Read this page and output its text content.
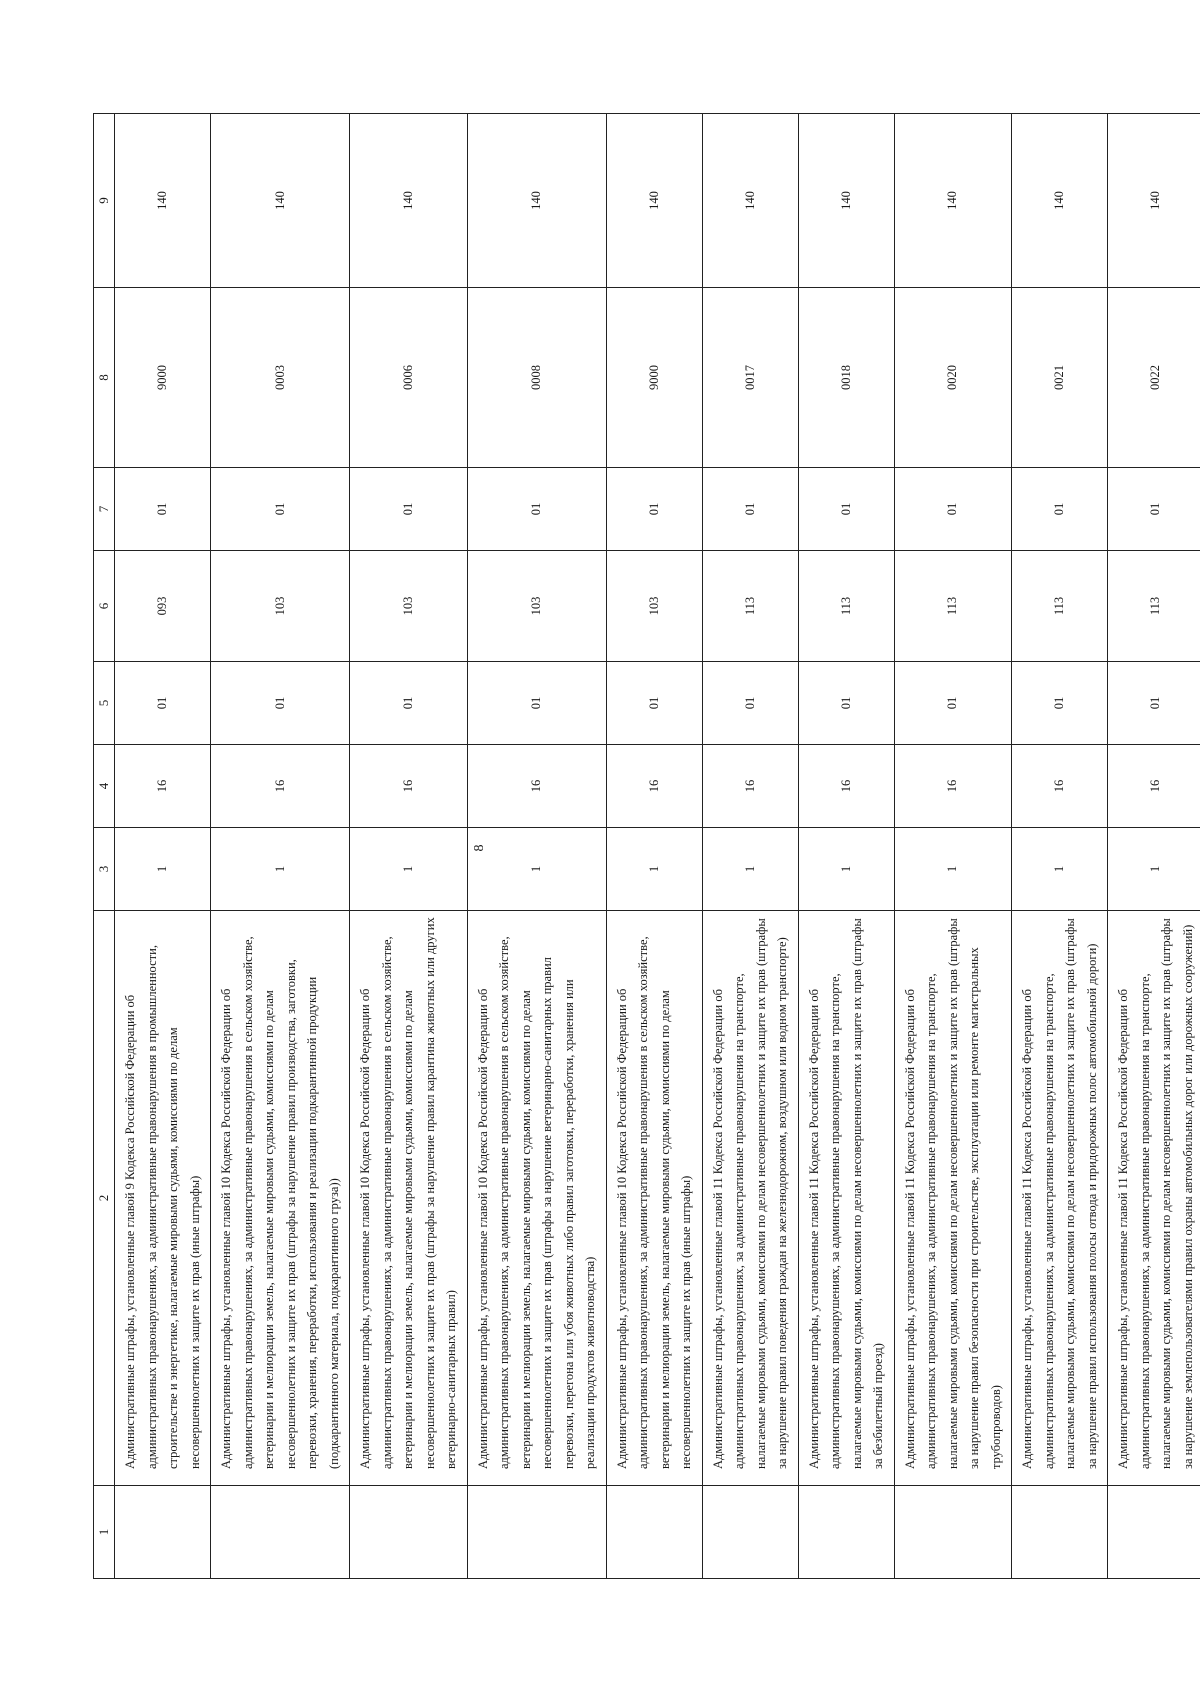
8
1	2	3	4	5	6	7	8	9
	Административные штрафы, установленные главой 9 Кодекса Российской Федерации об административных правонарушениях, за административные правонарушения в промышленности, строительстве и энергетике, налагаемые мировыми судьями, комиссиями по делам несовершеннолетних и защите их прав (иные штрафы)	1	16	01	093	01	9000	140
	Административные штрафы, установленные главой 10 Кодекса Российской Федерации об административных правонарушениях, за административные правонарушения в сельском хозяйстве, ветеринарии и мелиорации земель, налагаемые мировыми судьями, комиссиями по делам несовершеннолетних и защите их прав (штрафы за нарушение правил производства, заготовки, перевозки, хранения, переработки, использования и реализации подкарантинной продукции (подкарантинного материала, подкарантинного груза))	1	16	01	103	01	0003	140
	Административные штрафы, установленные главой 10 Кодекса Российской Федерации об административных правонарушениях, за административные правонарушения в сельском хозяйстве, ветеринарии и мелиорации земель, налагаемые мировыми судьями, комиссиями по делам несовершеннолетних и защите их прав (штрафы за нарушение правил карантина животных или других ветеринарно-санитарных правил)	1	16	01	103	01	0006	140
	Административные штрафы, установленные главой 10 Кодекса Российской Федерации об административных правонарушениях, за административные правонарушения в сельском хозяйстве, ветеринарии и мелиорации земель, налагаемые мировыми судьями, комиссиями по делам несовершеннолетних и защите их прав (штрафы за нарушение ветеринарно-санитарных правил перевозки, перегона или убоя животных либо правил заготовки, переработки, хранения или реализации продуктов животноводства)	1	16	01	103	01	0008	140
	Административные штрафы, установленные главой 10 Кодекса Российской Федерации об административных правонарушениях, за административные правонарушения в сельском хозяйстве, ветеринарии и мелиорации земель, налагаемые мировыми судьями, комиссиями по делам несовершеннолетних и защите их прав (иные штрафы)	1	16	01	103	01	9000	140
	Административные штрафы, установленные главой 11 Кодекса Российской Федерации об административных правонарушениях, за административные правонарушения на транспорте, налагаемые мировыми судьями, комиссиями по делам несовершеннолетних и защите их прав (штрафы за нарушение правил поведения граждан на железнодорожном, воздушном или водном транспорте)	1	16	01	113	01	0017	140
	Административные штрафы, установленные главой 11 Кодекса Российской Федерации об административных правонарушениях, за административные правонарушения на транспорте, налагаемые мировыми судьями, комиссиями по делам несовершеннолетних и защите их прав (штрафы за безбилетный проезд)	1	16	01	113	01	0018	140
	Административные штрафы, установленные главой 11 Кодекса Российской Федерации об административных правонарушениях, за административные правонарушения на транспорте, налагаемые мировыми судьями, комиссиями по делам несовершеннолетних и защите их прав (штрафы за нарушение правил безопасности при строительстве, эксплуатации или ремонте магистральных трубопроводов)	1	16	01	113	01	0020	140
	Административные штрафы, установленные главой 11 Кодекса Российской Федерации об административных правонарушениях, за административные правонарушения на транспорте, налагаемые мировыми судьями, комиссиями по делам несовершеннолетних и защите их прав (штрафы за нарушение правил использования полосы отвода и придорожных полос автомобильной дороги)	1	16	01	113	01	0021	140
	Административные штрафы, установленные главой 11 Кодекса Российской Федерации об административных правонарушениях, за административные правонарушения на транспорте, налагаемые мировыми судьями, комиссиями по делам несовершеннолетних и защите их прав (штрафы за нарушение землепользователями правил охраны автомобильных дорог или дорожных сооружений)	1	16	01	113	01	0022	140
